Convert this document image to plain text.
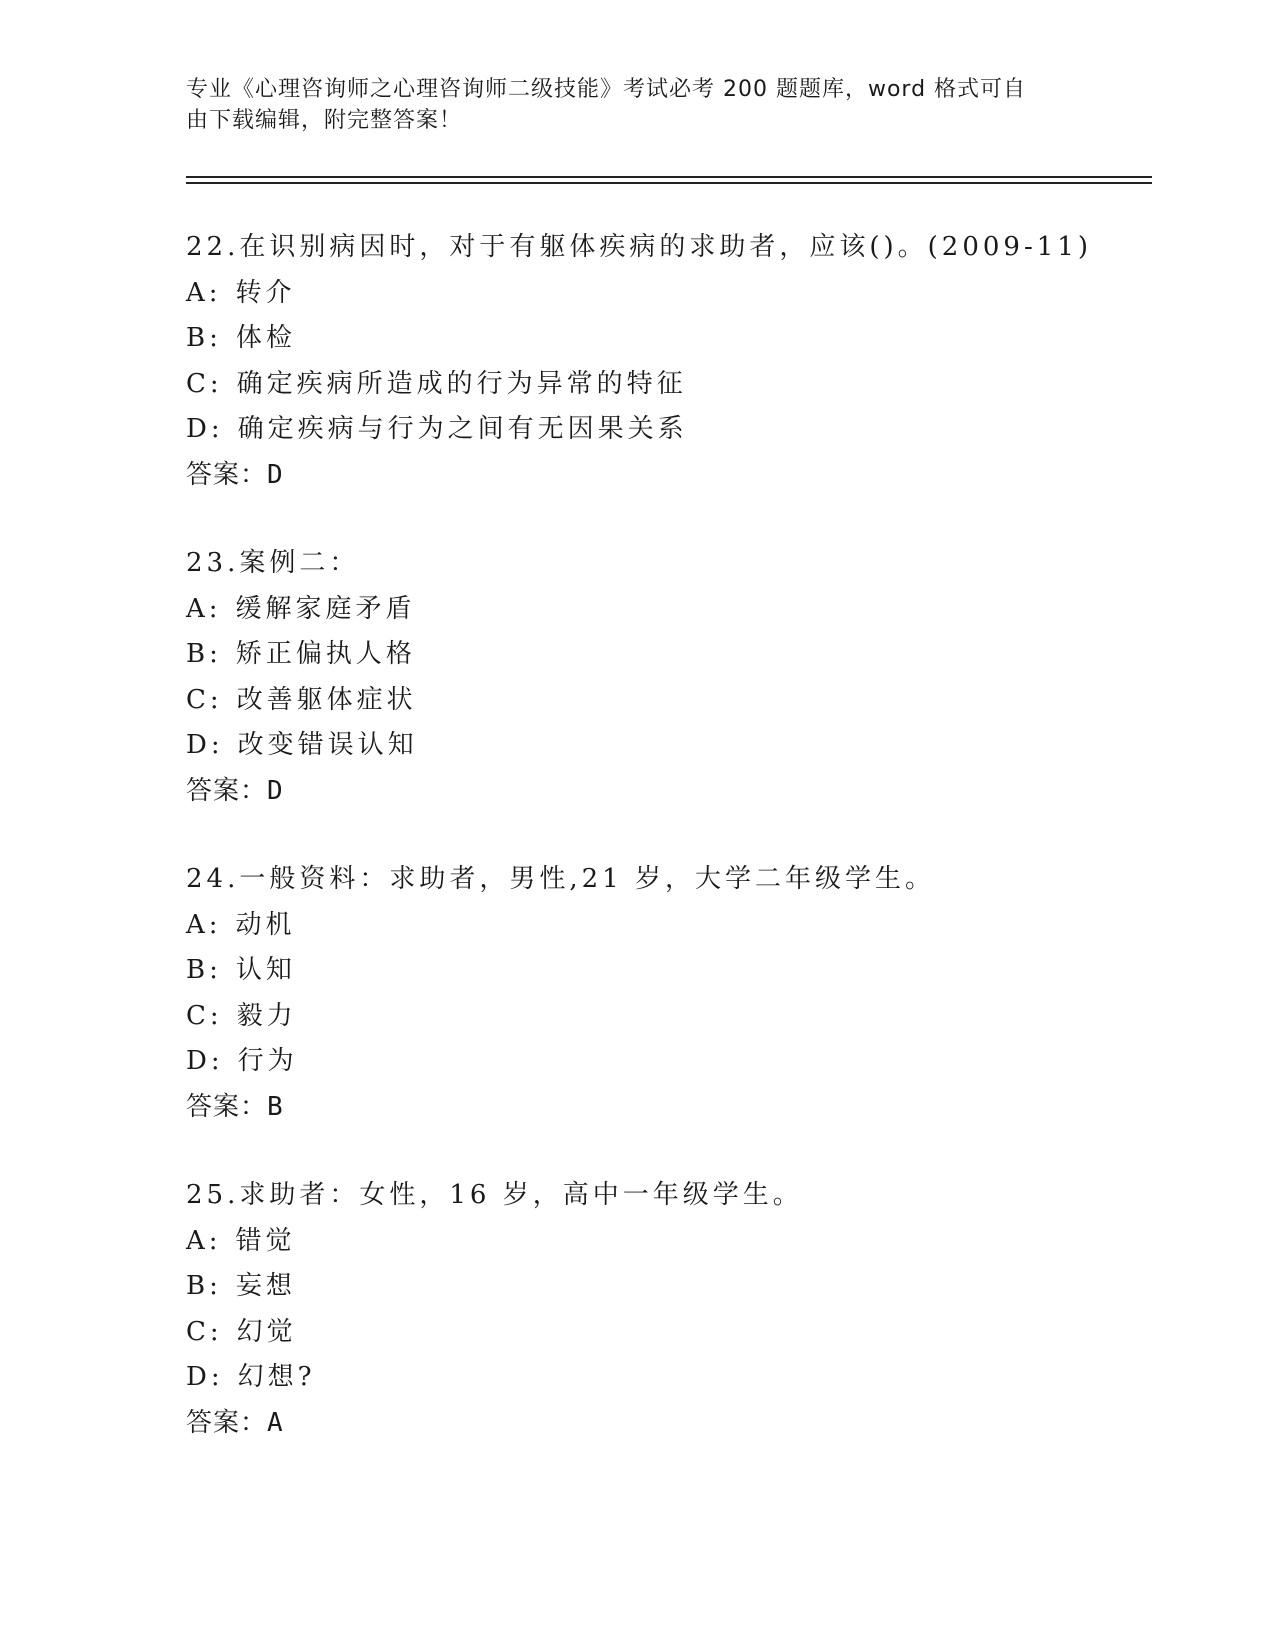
专业《心理咨询师之心理咨询师二级技能》考试必考 200 题题库，word 格式可自
由下载编辑，附完整答案！
22.在识别病因时，对于有躯体疾病的求助者，应该()。(2009-11)
A: 转介
B: 体检
C: 确定疾病所造成的行为异常的特征
D: 确定疾病与行为之间有无因果关系
答案：D
23.案例二：
A: 缓解家庭矛盾
B: 矫正偏执人格
C: 改善躯体症状
D: 改变错误认知
答案：D
24.一般资料：求助者，男性,21 岁，大学二年级学生。
A: 动机
B: 认知
C: 毅力
D: 行为
答案：B
25.求助者：女性，16 岁，高中一年级学生。
A: 错觉
B: 妄想
C: 幻觉
D: 幻想?
答案：A
